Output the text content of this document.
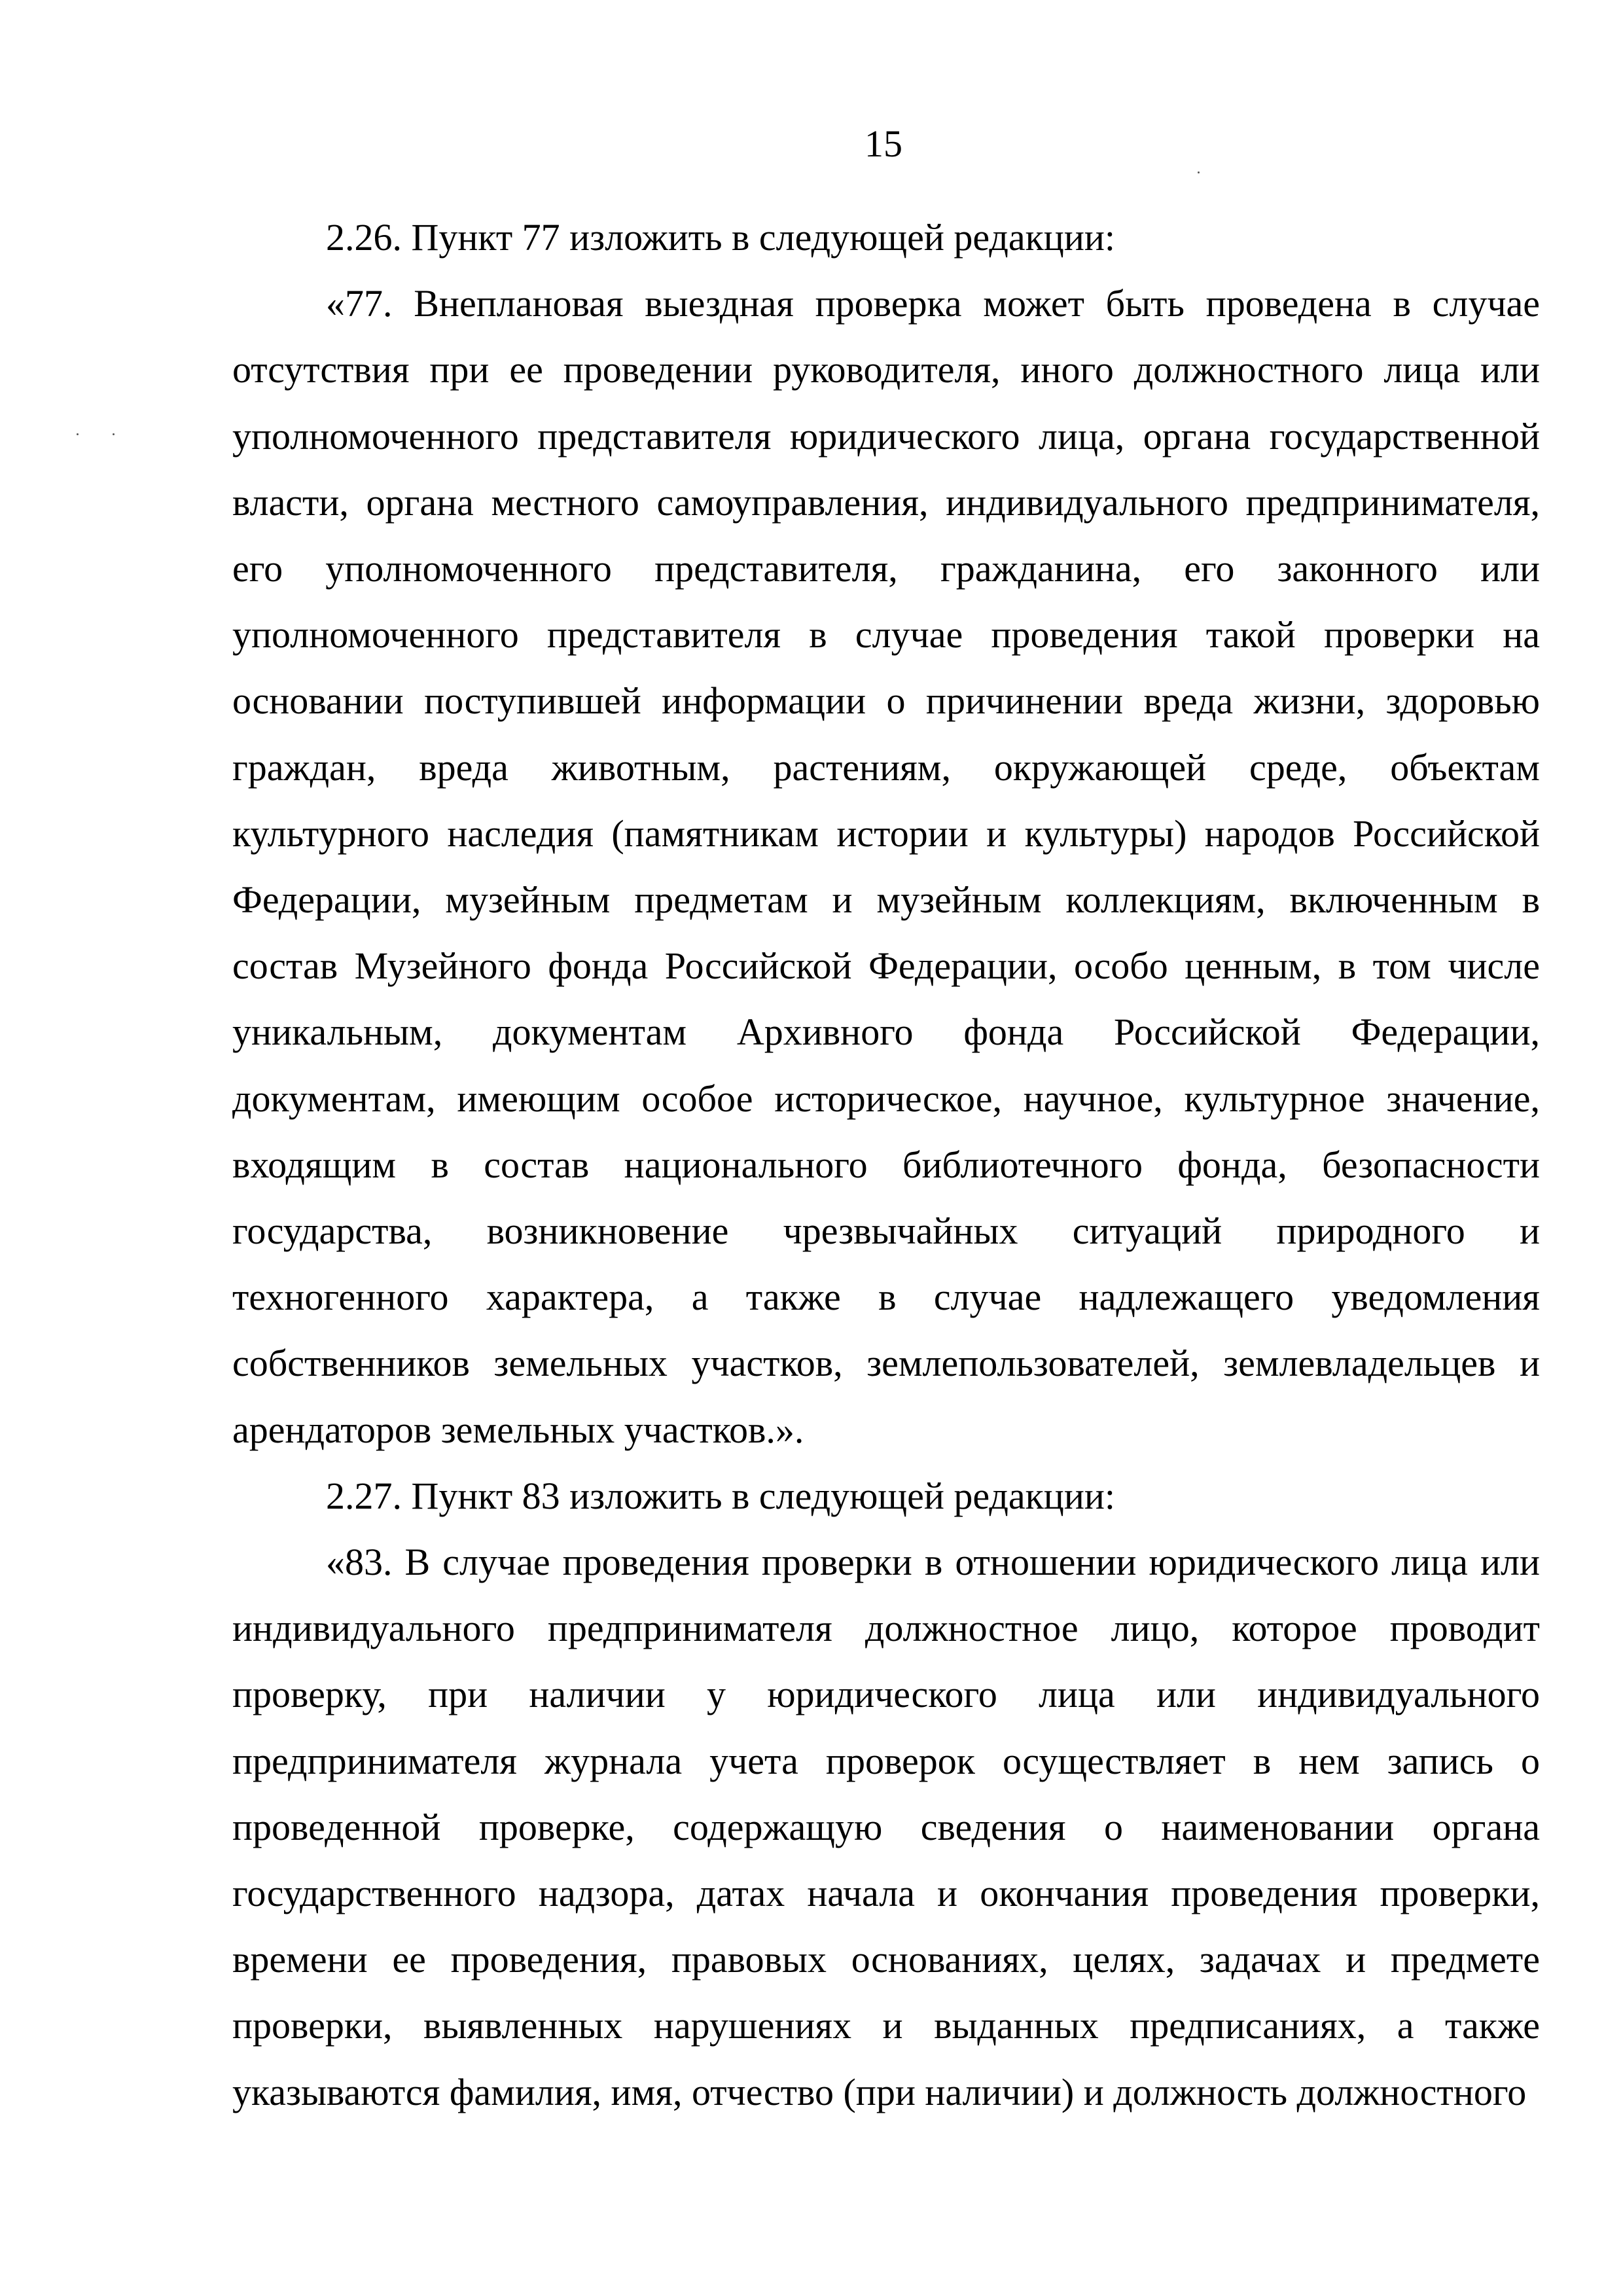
15

2.26. Пункт 77 изложить в следующей редакции:

«77. Внеплановая выездная проверка может быть проведена в случае отсутствия при ее проведении руководителя, иного должностного лица или уполномоченного представителя юридического лица, органа государственной власти, органа местного самоуправления, индивидуального предпринимателя, его уполномоченного представителя, гражданина, его законного или уполномоченного представителя в случае проведения такой проверки на основании поступившей информации о причинении вреда жизни, здоровью граждан, вреда животным, растениям, окружающей среде, объектам культурного наследия (памятникам истории и культуры) народов Российской Федерации, музейным предметам и музейным коллекциям, включенным в состав Музейного фонда Российской Федерации, особо ценным, в том числе уникальным, документам Архивного фонда Российской Федерации, документам, имеющим особое историческое, научное, культурное значение, входящим в состав национального библиотечного фонда, безопасности государства, возникновение чрезвычайных ситуаций природного и техногенного характера, а также в случае надлежащего уведомления собственников земельных участков, землепользователей, землевладельцев и арендаторов земельных участков.».

2.27. Пункт 83 изложить в следующей редакции:

«83. В случае проведения проверки в отношении юридического лица или индивидуального предпринимателя должностное лицо, которое проводит проверку, при наличии у юридического лица или индивидуального предпринимателя журнала учета проверок осуществляет в нем запись о проведенной проверке, содержащую сведения о наименовании органа государственного надзора, датах начала и окончания проведения проверки, времени ее проведения, правовых основаниях, целях, задачах и предмете проверки, выявленных нарушениях и выданных предписаниях, а также указываются фамилия, имя, отчество (при наличии) и должность должностного
